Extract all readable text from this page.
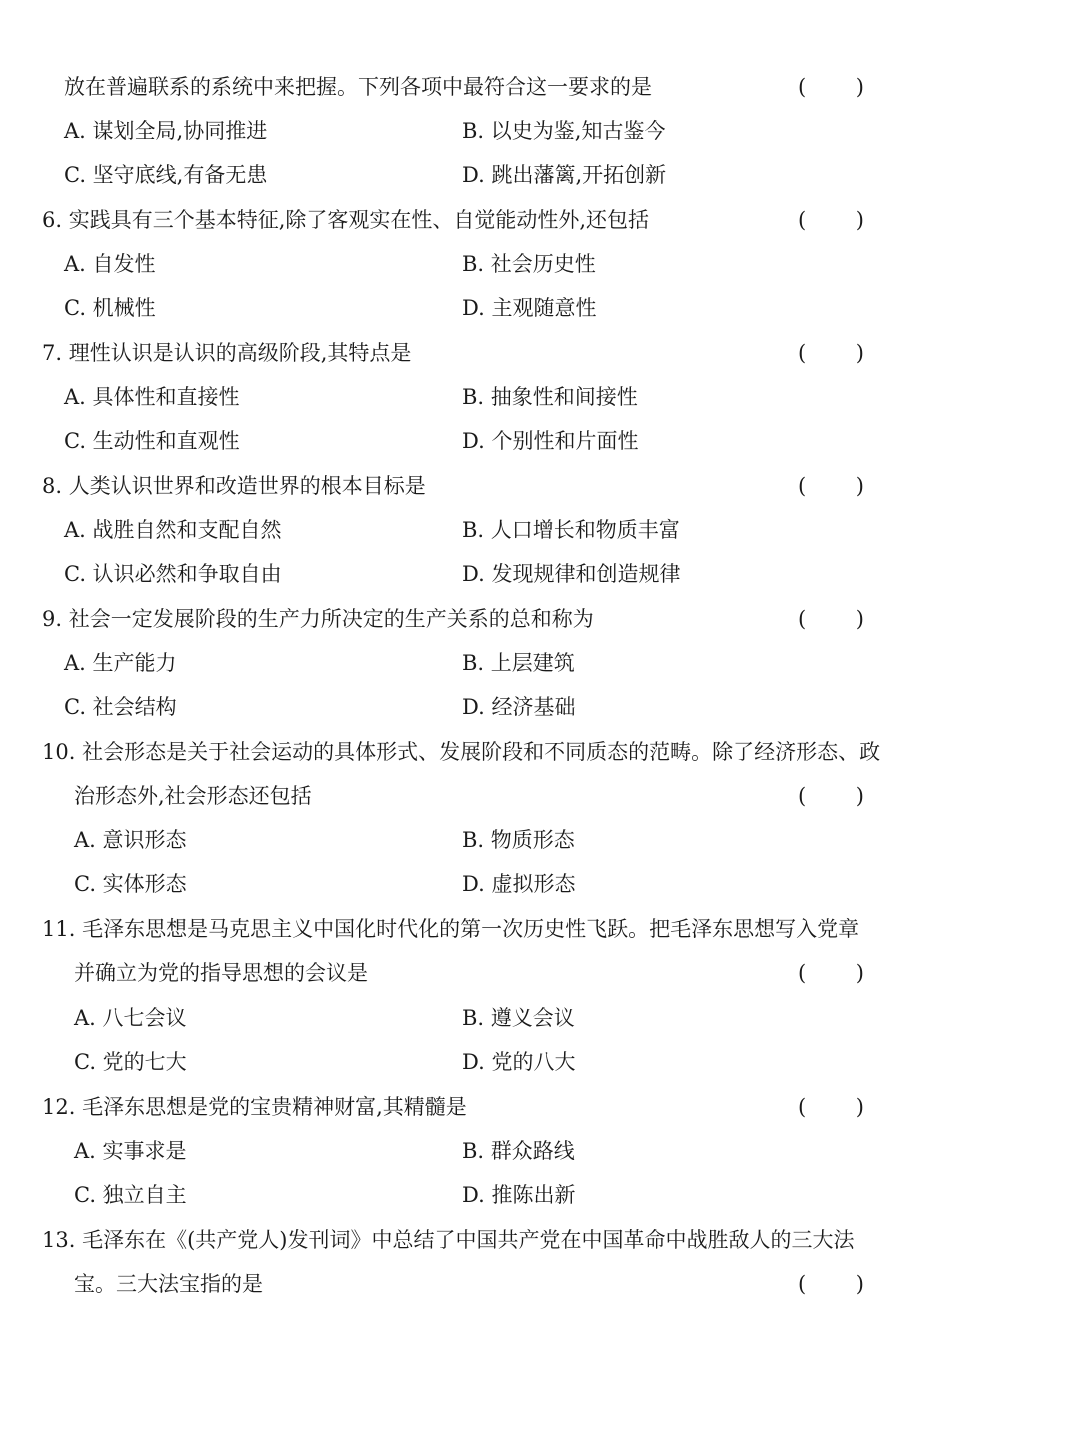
放在普遍联系的系统中来把握。下列各项中最符合这一要求的是	( )
A. 谋划全局,协同推进	B. 以史为鉴,知古鉴今
C. 坚守底线,有备无患	D. 跳出藩篱,开拓创新
6. 实践具有三个基本特征,除了客观实在性、自觉能动性外,还包括	( )
A. 自发性	B. 社会历史性
C. 机械性	D. 主观随意性
7. 理性认识是认识的高级阶段,其特点是	( )
A. 具体性和直接性	B. 抽象性和间接性
C. 生动性和直观性	D. 个别性和片面性
8. 人类认识世界和改造世界的根本目标是	( )
A. 战胜自然和支配自然	B. 人口增长和物质丰富
C. 认识必然和争取自由	D. 发现规律和创造规律
9. 社会一定发展阶段的生产力所决定的生产关系的总和称为	( )
A. 生产能力	B. 上层建筑
C. 社会结构	D. 经济基础
10. 社会形态是关于社会运动的具体形式、发展阶段和不同质态的范畴。除了经济形态、政
治形态外,社会形态还包括	( )
A. 意识形态	B. 物质形态
C. 实体形态	D. 虚拟形态
11. 毛泽东思想是马克思主义中国化时代化的第一次历史性飞跃。把毛泽东思想写入党章
并确立为党的指导思想的会议是	( )
A. 八七会议	B. 遵义会议
C. 党的七大	D. 党的八大
12. 毛泽东思想是党的宝贵精神财富,其精髓是	( )
A. 实事求是	B. 群众路线
C. 独立自主	D. 推陈出新
13. 毛泽东在《(共产党人)发刊词》中总结了中国共产党在中国革命中战胜敌人的三大法
宝。三大法宝指的是	( )
